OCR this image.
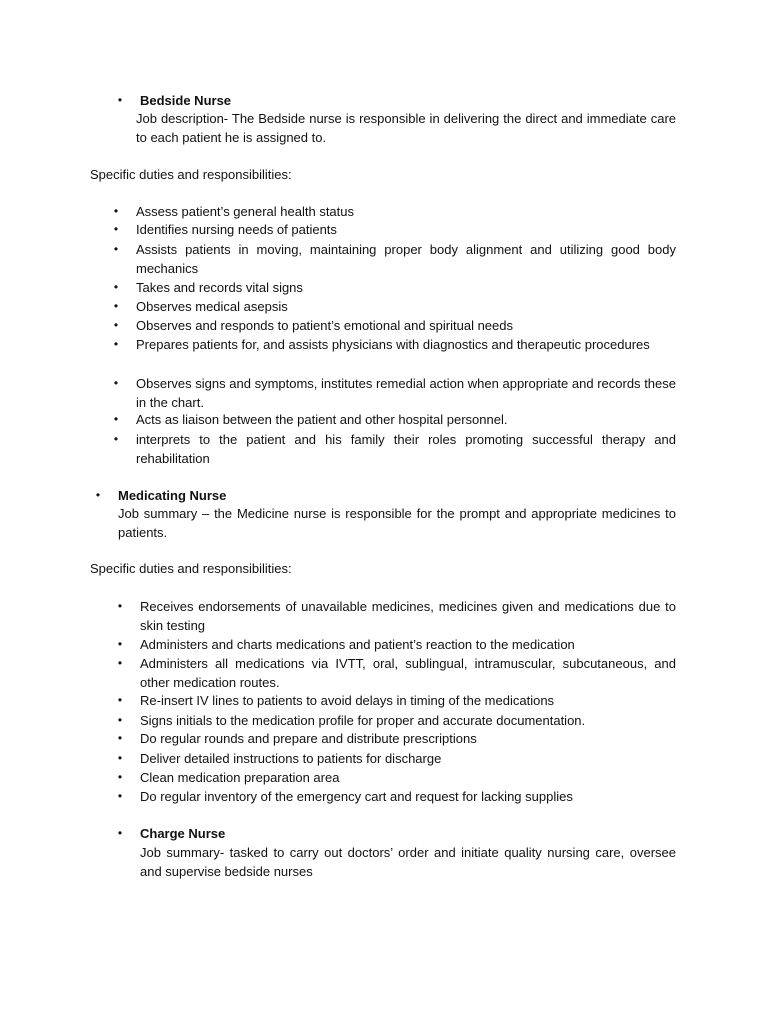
•	Bedside Nurse
Job description- The Bedside nurse is responsible in delivering the direct and immediate care to each patient he is assigned to.
Specific duties and responsibilities:
•	Assess patient’s general health status
•	Identifies nursing needs of patients
•	Assists patients in moving, maintaining proper body alignment and utilizing good body mechanics
•	Takes and records vital signs
•	Observes medical asepsis
•	Observes and responds to patient’s emotional and spiritual needs
•	Prepares patients for, and assists physicians with diagnostics and therapeutic procedures
•	Observes signs and symptoms, institutes remedial action when appropriate and records these in the chart.
•	Acts as liaison between the patient and other hospital personnel.
•	interprets to the patient and his family their roles promoting successful therapy and rehabilitation
•	Medicating Nurse
Job summary – the Medicine nurse is responsible for the prompt and appropriate medicines to patients.
Specific duties and responsibilities:
•	Receives endorsements of unavailable medicines, medicines given and medications due to skin testing
•	Administers and charts medications and patient’s reaction to the medication
•	Administers all medications via IVTT, oral, sublingual, intramuscular, subcutaneous, and other medication routes.
•	Re-insert IV lines to patients to avoid delays in timing of the medications
•	Signs initials to the medication profile for proper and accurate documentation.
•	Do regular rounds and prepare and distribute prescriptions
•	Deliver detailed instructions to patients for discharge
•	Clean medication preparation area
•	Do regular inventory of the emergency cart and request for lacking supplies
•	Charge Nurse
Job summary- tasked to carry out doctors’ order and initiate quality nursing care, oversee and supervise bedside nurses
